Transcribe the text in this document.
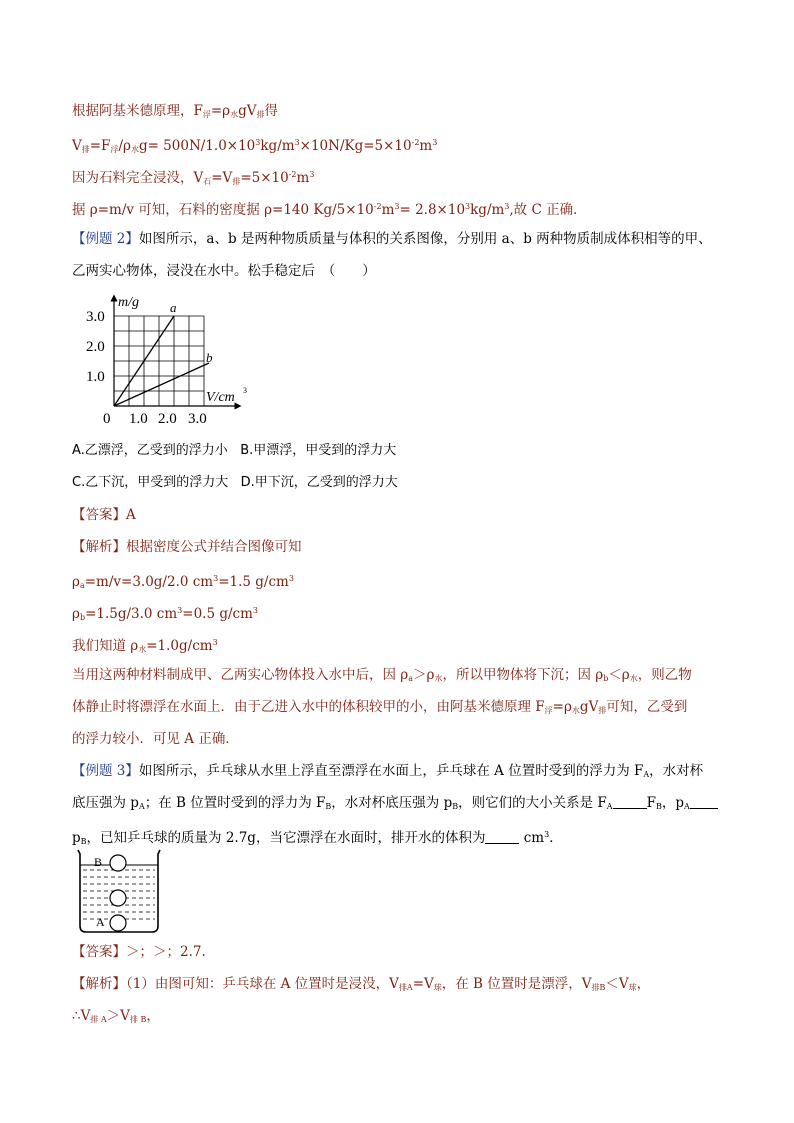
根据阿基米德原理，$F_浮=\rho_水gV_排$得
$V_排=F_浮/\rho_水g= 500N/1.0\times 10^3kg/m^3\times 10N/Kg=5\times 10^{-2}m^3$
因为石料完全浸没，$V_石=V_排=5\times 10^{-2}m^3$
据 ρ=m/v 可知，石料的密度据 ρ=140 $Kg/5\times 10^{-2}m^3= 2.8\times 10^3kg/m^3$,故 C 正确．
【例题 2】如图所示，a、b 是两种物质质量与体积的关系图像，分别用 a、b 两种物质制成体积相等的甲、
乙两实心物体，浸没在水中。松手稳定后　（　　）
m/g a
b
3.0
2.0
1.0
0 1.0 2.0 3.0
V/cm 3
A.乙漂浮，乙受到的浮力小 B.甲漂浮，甲受到的浮力大
C.乙下沉，甲受到的浮力大 D.甲下沉，乙受到的浮力大
【答案】A
【解析】根据密度公式并结合图像可知
$\rho_a=m/v=3.0g/2.0$ $cm^3=1.5$ $g/cm^3$
$\rho_b=1.5g/3.0$ $cm^3=0.5$ $g/cm^3$
我们知道 $\rho_水=1.0g/cm^3$
当用这两种材料制成甲、乙两实心物体投入水中后，因 $\rho_a>\rho_水$，所以甲物体将下沉；因 $\rho_b<\rho_水$，则乙物
体静止时将漂浮在水面上．由于乙进入水中的体积较甲的小，由阿基米德原理 $F_浮=\rho_水gV_排$可知，乙受到
的浮力较小．可见 A 正确．
【例题 3】如图所示，乒乓球从水里上浮直至漂浮在水面上，乒乓球在 A 位置时受到的浮力为 $F_A$，水对杯
底压强为 $p_A$；在 B 位置时受到的浮力为 $F_B$，水对杯底压强为 $p_B$，则它们的大小关系是 $F_A$	$F_B$，$p_A$
$p_B$，已知乒乓球的质量为 2.7g，当它漂浮在水面时，排开水的体积为	$cm^3$．
B
A
【答案】＞；＞；2.7.
【解析】（1）由图可知：乒乓球在 A 位置时是浸没，$V_{排A}=V_球$，在 B 位置时是漂浮，$V_{排B}<V_球$，
$\therefore V_{排 A}>V_{排 B}$，
